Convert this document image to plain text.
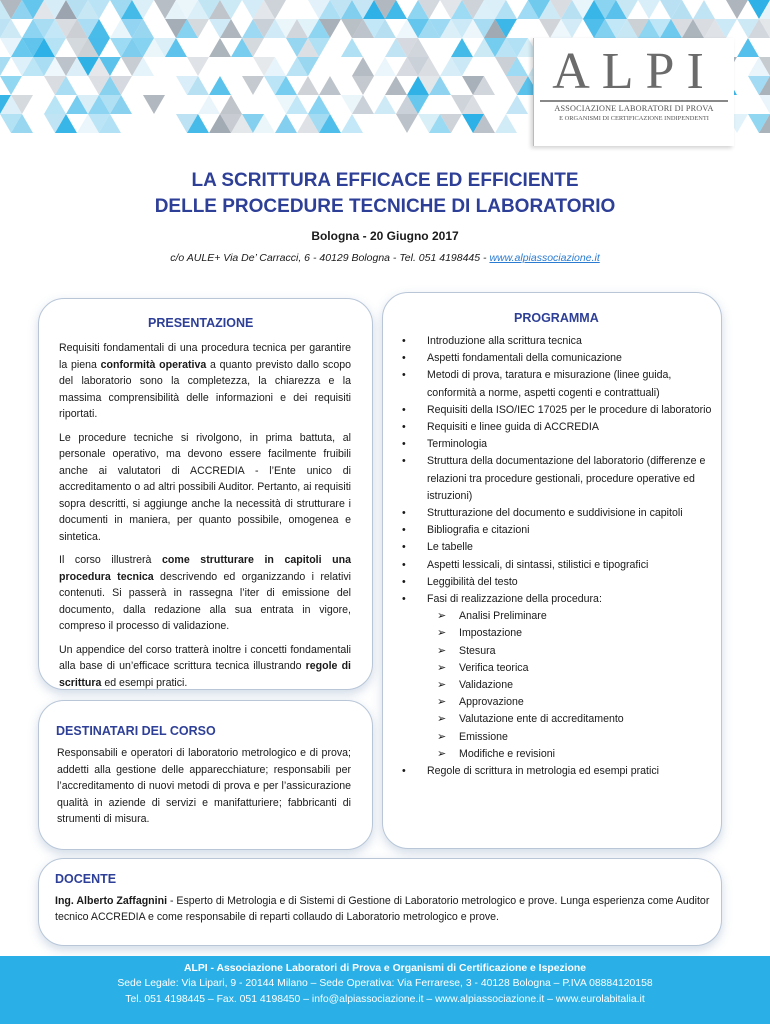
ALPI
ASSOCIAZIONE LABORATORI DI PROVA
E ORGANISMI DI CERTIFICAZIONE INDIPENDENTI
LA SCRITTURA EFFICACE ED EFFICIENTE
DELLE PROCEDURE TECNICHE DI LABORATORIO
Bologna - 20 Giugno 2017
c/o AULE+ Via De’ Carracci, 6 - 40129 Bologna - Tel. 051 4198445 - www.alpiassociazione.it
PRESENTAZIONE

Requisiti fondamentali di una procedura tecnica per garantire la piena conformità operativa a quanto previsto dallo scopo del laboratorio sono la completezza, la chiarezza e la massima comprensibilità delle informazioni e dei requisiti riportati.

Le procedure tecniche si rivolgono, in prima battuta, al personale operativo, ma devono essere facilmente fruibili anche ai valutatori di ACCREDIA - l’Ente unico di accreditamento o ad altri possibili Auditor. Pertanto, ai requisiti sopra descritti, si aggiunge anche la necessità di strutturare i documenti in maniera, per quanto possibile, omogenea e sintetica.

Il corso illustrerà come strutturare in capitoli una procedura tecnica descrivendo ed organizzando i relativi contenuti. Si passerà in rassegna l’iter di emissione del documento, dalla redazione alla sua entrata in vigore, compreso il processo di validazione.

Un appendice del corso tratterà inoltre i concetti fondamentali alla base di un’efficace scrittura tecnica illustrando regole di scrittura ed esempi pratici.

DESTINATARI DEL CORSO
Responsabili e operatori di laboratorio metrologico e di prova; addetti alla gestione delle apparecchiature; responsabili per l’accreditamento di nuovi metodi di prova e per l’assicurazione qualità in aziende di servizi e manifatturiere; fabbricanti di strumenti di misura.
PROGRAMMA
• Introduzione alla scrittura tecnica
• Aspetti fondamentali della comunicazione
• Metodi di prova, taratura e misurazione (linee guida, conformità a norme, aspetti cogenti e contrattuali)
• Requisiti della ISO/IEC 17025 per le procedure di laboratorio
• Requisiti e linee guida di ACCREDIA
• Terminologia
• Struttura della documentazione del laboratorio (differenze e relazioni tra procedure gestionali, procedure operative ed istruzioni)
• Strutturazione del documento e suddivisione in capitoli
• Bibliografia e citazioni
• Le tabelle
• Aspetti lessicali, di sintassi, stilistici e tipografici
• Leggibilità del testo
• Fasi di realizzazione della procedura:
➢ Analisi Preliminare
➢ Impostazione
➢ Stesura
➢ Verifica teorica
➢ Validazione
➢ Approvazione
➢ Valutazione ente di accreditamento
➢ Emissione
➢ Modifiche e revisioni
• Regole di scrittura in metrologia ed esempi pratici
DOCENTE
Ing. Alberto Zaffagnini - Esperto di Metrologia e di Sistemi di Gestione di Laboratorio metrologico e prove. Lunga esperienza come Auditor tecnico ACCREDIA e come responsabile di reparti collaudo di Laboratorio metrologico e prove.
ALPI - Associazione Laboratori di Prova e Organismi di Certificazione e Ispezione
Sede Legale: Via Lipari, 9 - 20144 Milano – Sede Operativa: Via Ferrarese, 3 - 40128 Bologna – P.IVA 08884120158
Tel. 051 4198445 – Fax. 051 4198450 – info@alpiassociazione.it – www.alpiassociazione.it – www.eurolabitalia.it
